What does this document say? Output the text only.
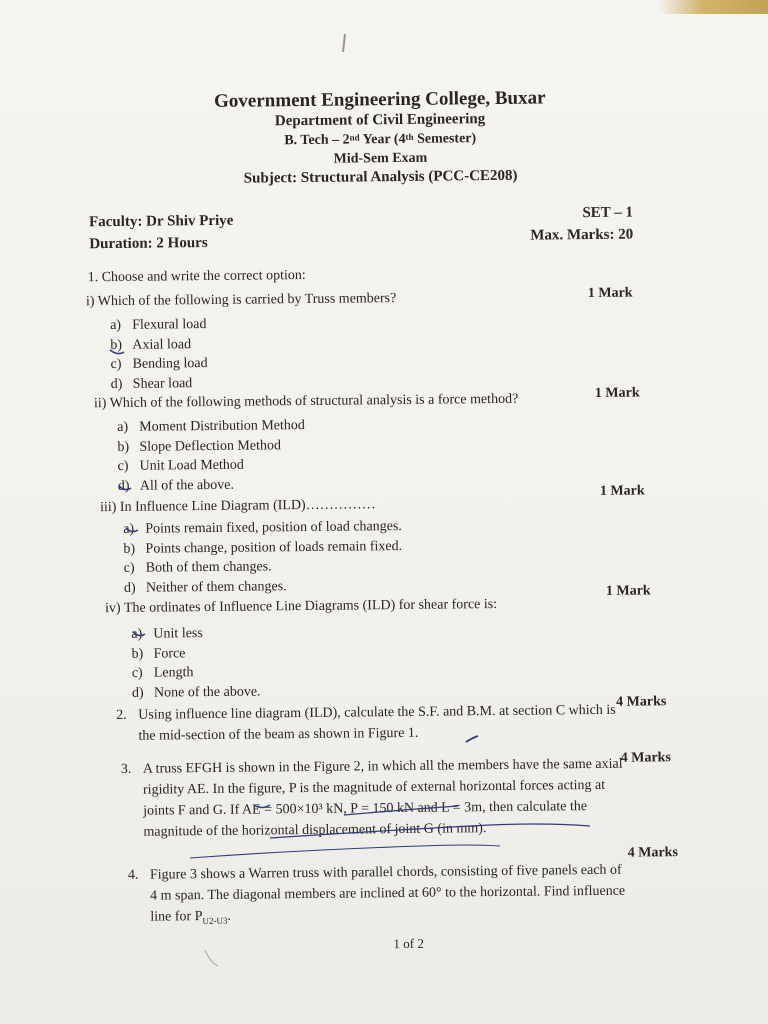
Government Engineering College, Buxar
Department of Civil Engineering
B. Tech – 2nd Year (4th Semester)
Mid-Sem Exam
Subject: Structural Analysis (PCC-CE208)
Faculty: Dr Shiv Priye
Duration: 2 Hours
SET – 1
Max. Marks: 20
1. Choose and write the correct option:
i) Which of the following is carried by Truss members?	1 Mark
a) Flexural load
b) Axial load
c) Bending load
d) Shear load
ii) Which of the following methods of structural analysis is a force method?	1 Mark
a) Moment Distribution Method
b) Slope Deflection Method
c) Unit Load Method
d) All of the above.
iii) In Influence Line Diagram (ILD)……………
1 Mark
a) Points remain fixed, position of load changes.
b) Points change, position of loads remain fixed.
c) Both of them changes.
d) Neither of them changes.
iv) The ordinates of Influence Line Diagrams (ILD) for shear force is:
1 Mark
a) Unit less
b) Force
c) Length
d) None of the above.
2. Using influence line diagram (ILD), calculate the S.F. and B.M. at section C which is the mid-section of the beam as shown in Figure 1.
4 Marks
3. A truss EFGH is shown in the Figure 2, in which all the members have the same axial rigidity AE. In the figure, P is the magnitude of external horizontal forces acting at joints F and G. If AE = 500×10³ kN, P = 150 kN and L = 3m, then calculate the magnitude of the horizontal displacement of joint G (in mm).
4 Marks
4. Figure 3 shows a Warren truss with parallel chords, consisting of five panels each of 4 m span. The diagonal members are inclined at 60° to the horizontal. Find influence line for $P_{U2-U3}$.
4 Marks
1 of 2
